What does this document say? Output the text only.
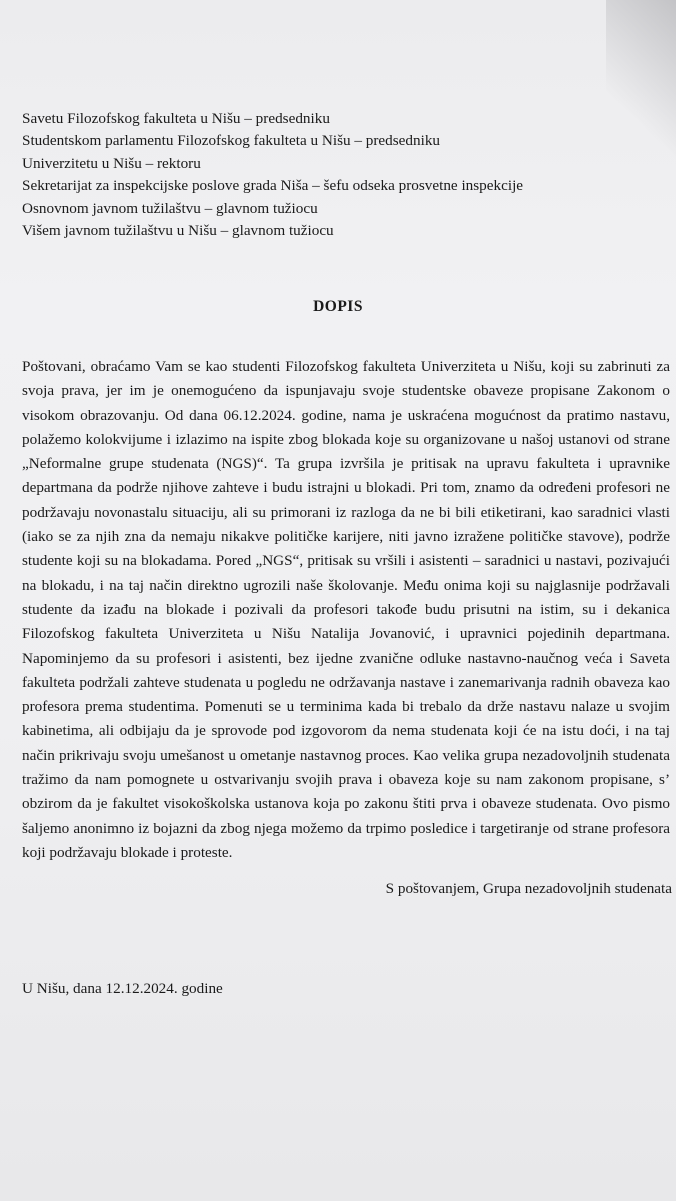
Savetu Filozofskog fakulteta u Nišu – predsedniku
Studentskom parlamentu Filozofskog fakulteta u Nišu – predsedniku
Univerzitetu u Nišu – rektoru
Sekretarijat za inspekcijske poslove grada Niša – šefu odseka prosvetne inspekcije
Osnovnom javnom tužilaštvu – glavnom tužiocu
Višem javnom tužilaštvu u Nišu – glavnom tužiocu
DOPIS
Poštovani, obraćamo Vam se kao studenti Filozofskog fakulteta Univerziteta u Nišu, koji su zabrinuti za svoja prava, jer im je onemogućeno da ispunjavaju svoje studentske obaveze propisane Zakonom o visokom obrazovanju. Od dana 06.12.2024. godine, nama je uskraćena mogućnost da pratimo nastavu, polažemo kolokvijume i izlazimo na ispite zbog blokada koje su organizovane u našoj ustanovi od strane „Neformalne grupe studenata (NGS)“. Ta grupa izvršila je pritisak na upravu fakulteta i upravnike departmana da podrže njihove zahteve i budu istrajni u blokadi. Pri tom, znamo da određeni profesori ne podržavaju novonastalu situaciju, ali su primorani iz razloga da ne bi bili etiketirani, kao saradnici vlasti (iako se za njih zna da nemaju nikakve političke karijere, niti javno izražene političke stavove), podrže studente koji su na blokadama. Pored „NGS“, pritisak su vršili i asistenti – saradnici u nastavi, pozivajući na blokadu, i na taj način direktno ugrozili naše školovanje. Među onima koji su najglasnije podržavali studente da izađu na blokade i pozivali da profesori takođe budu prisutni na istim, su i dekanica Filozofskog fakulteta Univerziteta u Nišu Natalija Jovanović, i upravnici pojedinih departmana. Napominjemo da su profesori i asistenti, bez ijedne zvanične odluke nastavno-naučnog veća i Saveta fakulteta podržali zahteve studenata u pogledu ne održavanja nastave i zanemarivanja radnih obaveza kao profesora prema studentima. Pomenuti se u terminima kada bi trebalo da drže nastavu nalaze u svojim kabinetima, ali odbijaju da je sprovode pod izgovorom da nema studenata koji će na istu doći, i na taj način prikrivaju svoju umešanost u ometanje nastavnog proces. Kao velika grupa nezadovoljnih studenata tražimo da nam pomognete u ostvarivanju svojih prava i obaveza koje su nam zakonom propisane, s’ obzirom da je fakultet visokoškolska ustanova koja po zakonu štiti prva i obaveze studenata. Ovo pismo šaljemo anonimno iz bojazni da zbog njega možemo da trpimo posledice i targetiranje od strane profesora koji podržavaju blokade i proteste.
S poštovanjem, Grupa nezadovoljnih studenata
U Nišu, dana 12.12.2024. godine
